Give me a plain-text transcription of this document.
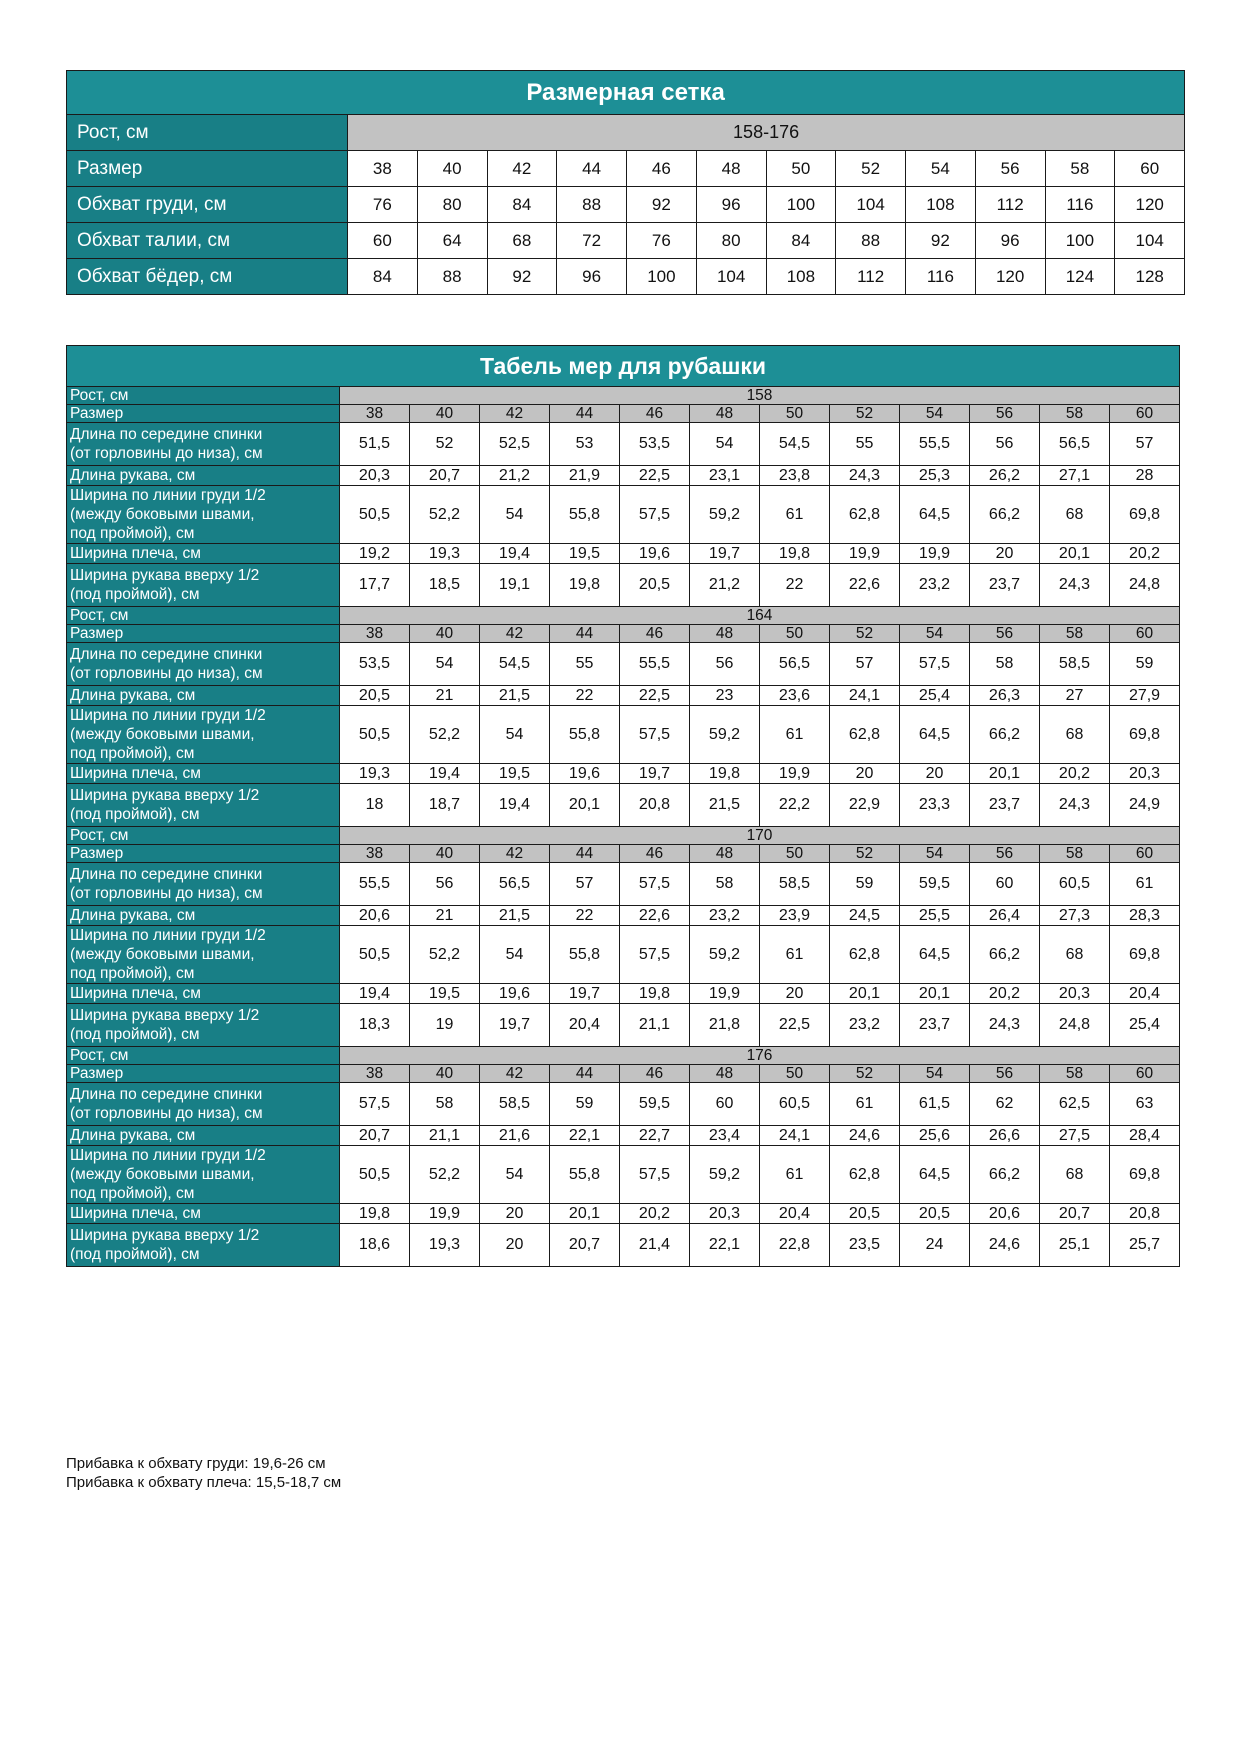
Размерная сетка												
Рост, см	158-176											
Размер	38	40	42	44	46	48	50	52	54	56	58	60
Обхват груди, см	76	80	84	88	92	96	100	104	108	112	116	120
Обхват талии, см	60	64	68	72	76	80	84	88	92	96	100	104
Обхват бёдер, см	84	88	92	96	100	104	108	112	116	120	124	128
Табель мер для рубашки												
Рост, см	158											
Размер	38	40	42	44	46	48	50	52	54	56	58	60

Длина по середине спинки
(от горловины до низа), см	51,5	52	52,5	53	53,5	54	54,5	55	55,5	56	56,5	57

Длина рукава, см	20,3	20,7	21,2	21,9	22,5	23,1	23,8	24,3	25,3	26,2	27,1	28

Ширина по линии груди 1/2
(между боковыми швами,
под проймой), см	50,5	52,2	54	55,8	57,5	59,2	61	62,8	64,5	66,2	68	69,8

Ширина плеча, см	19,2	19,3	19,4	19,5	19,6	19,7	19,8	19,9	19,9	20	20,1	20,2

Ширина рукава вверху 1/2
(под проймой), см	17,7	18,5	19,1	19,8	20,5	21,2	22	22,6	23,2	23,7	24,3	24,8
Рост, см	164											
Размер	38	40	42	44	46	48	50	52	54	56	58	60

Длина по середине спинки
(от горловины до низа), см	53,5	54	54,5	55	55,5	56	56,5	57	57,5	58	58,5	59

Длина рукава, см	20,5	21	21,5	22	22,5	23	23,6	24,1	25,4	26,3	27	27,9

Ширина по линии груди 1/2
(между боковыми швами,
под проймой), см	50,5	52,2	54	55,8	57,5	59,2	61	62,8	64,5	66,2	68	69,8

Ширина плеча, см	19,3	19,4	19,5	19,6	19,7	19,8	19,9	20	20	20,1	20,2	20,3

Ширина рукава вверху 1/2
(под проймой), см	18	18,7	19,4	20,1	20,8	21,5	22,2	22,9	23,3	23,7	24,3	24,9
Рост, см	170											
Размер	38	40	42	44	46	48	50	52	54	56	58	60

Длина по середине спинки
(от горловины до низа), см	55,5	56	56,5	57	57,5	58	58,5	59	59,5	60	60,5	61

Длина рукава, см	20,6	21	21,5	22	22,6	23,2	23,9	24,5	25,5	26,4	27,3	28,3

Ширина по линии груди 1/2
(между боковыми швами,
под проймой), см	50,5	52,2	54	55,8	57,5	59,2	61	62,8	64,5	66,2	68	69,8

Ширина плеча, см	19,4	19,5	19,6	19,7	19,8	19,9	20	20,1	20,1	20,2	20,3	20,4

Ширина рукава вверху 1/2
(под проймой), см	18,3	19	19,7	20,4	21,1	21,8	22,5	23,2	23,7	24,3	24,8	25,4
Рост, см	176											
Размер	38	40	42	44	46	48	50	52	54	56	58	60

Длина по середине спинки
(от горловины до низа), см	57,5	58	58,5	59	59,5	60	60,5	61	61,5	62	62,5	63

Длина рукава, см	20,7	21,1	21,6	22,1	22,7	23,4	24,1	24,6	25,6	26,6	27,5	28,4

Ширина по линии груди 1/2
(между боковыми швами,
под проймой), см	50,5	52,2	54	55,8	57,5	59,2	61	62,8	64,5	66,2	68	69,8

Ширина плеча, см	19,8	19,9	20	20,1	20,2	20,3	20,4	20,5	20,5	20,6	20,7	20,8

Ширина рукава вверху 1/2
(под проймой), см	18,6	19,3	20	20,7	21,4	22,1	22,8	23,5	24	24,6	25,1	25,7
Прибавка к обхвату груди: 19,6-26 см
Прибавка к обхвату плеча: 15,5-18,7 см
